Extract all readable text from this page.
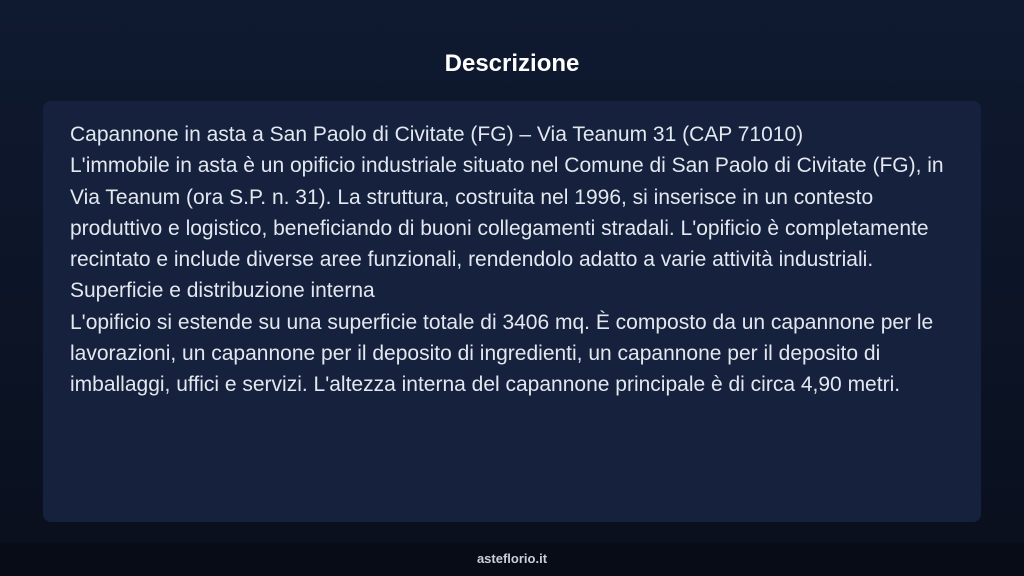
Descrizione

Capannone in asta a San Paolo di Civitate (FG) – Via Teanum 31 (CAP 71010)

L'immobile in asta è un opificio industriale situato nel Comune di San Paolo di Civitate (FG), in Via Teanum (ora S.P. n. 31). La struttura, costruita nel 1996, si inserisce in un contesto produttivo e logistico, beneficiando di buoni collegamenti stradali. L'opificio è completamente recintato e include diverse aree funzionali, rendendolo adatto a varie attività industriali. Superficie e distribuzione interna

L'opificio si estende su una superficie totale di 3406 mq. È composto da un capannone per le lavorazioni, un capannone per il deposito di ingredienti, un capannone per il deposito di imballaggi, uffici e servizi. L'altezza interna del capannone principale è di circa 4,90 metri.

asteflorio.it
